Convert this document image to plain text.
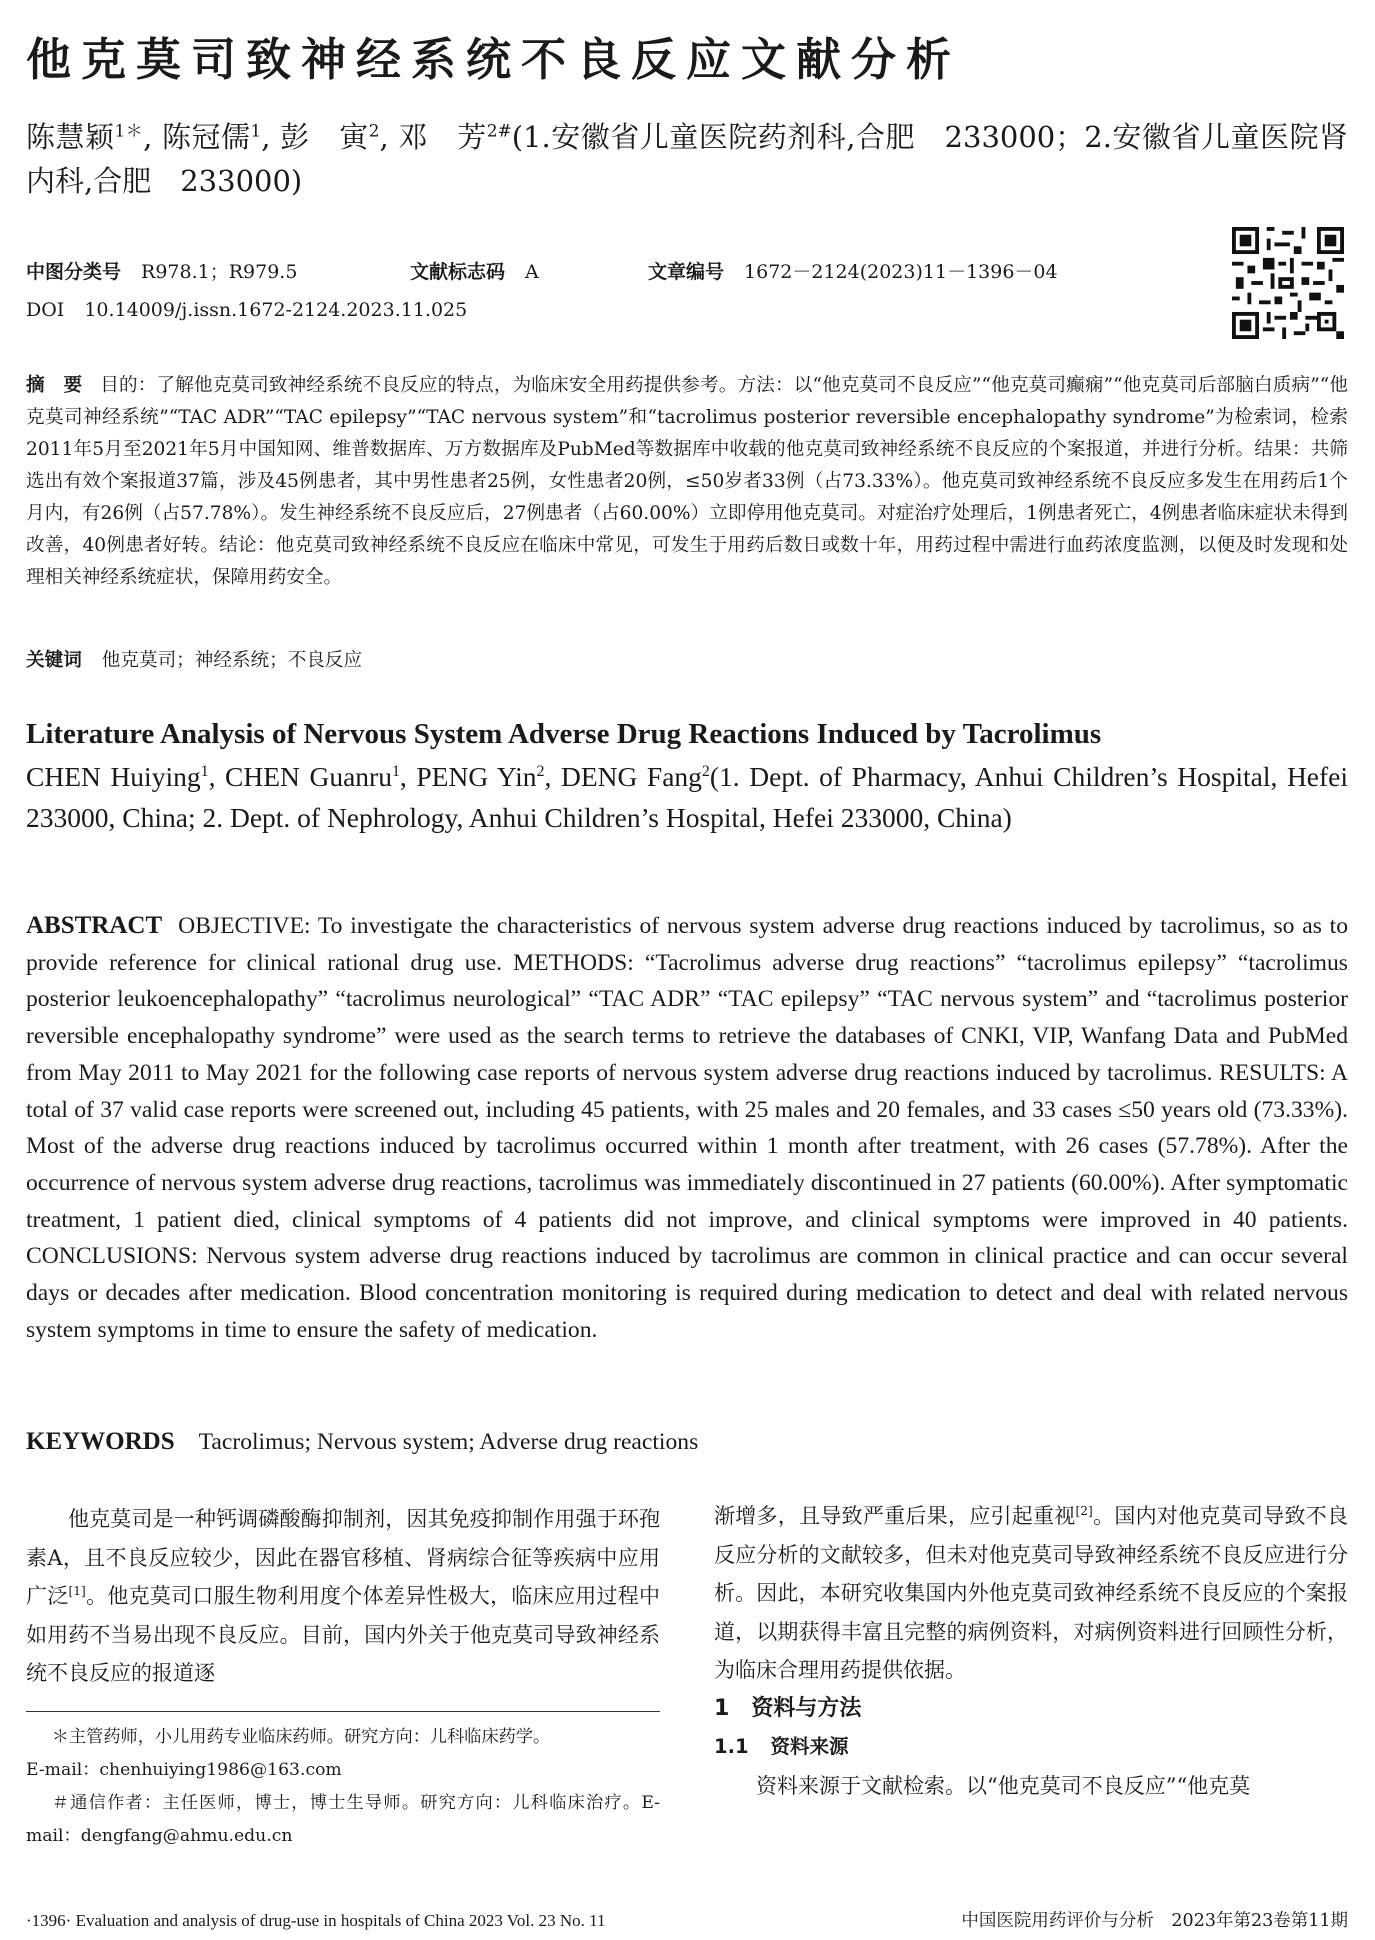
他克莫司致神经系统不良反应文献分析
陈慧颖$^{1*}$, 陈冠儒$^1$, 彭　寅$^2$, 邓　芳$^{2\#}$(1.安徽省儿童医院药剂科,合肥　233000；2.安徽省儿童医院肾内科,合肥　233000)
中图分类号 R978.1；R979.5	文献标志码 A	文章编号 1672－2124(2023)11－1396－04
DOI 10.14009/j.issn.1672-2124.2023.11.025
摘　要 目的：了解他克莫司致神经系统不良反应的特点，为临床安全用药提供参考。方法：以“他克莫司不良反应”“他克莫司癫痫”“他克莫司后部脑白质病”“他克莫司神经系统”“TAC ADR”“TAC epilepsy”“TAC nervous system”和“tacrolimus posterior reversible encephalopathy syndrome”为检索词，检索2011年5月至2021年5月中国知网、维普数据库、万方数据库及PubMed等数据库中收载的他克莫司致神经系统不良反应的个案报道，并进行分析。结果：共筛选出有效个案报道37篇，涉及45例患者，其中男性患者25例，女性患者20例，≤50岁者33例（占73.33%）。他克莫司致神经系统不良反应多发生在用药后1个月内，有26例（占57.78%）。发生神经系统不良反应后，27例患者（占60.00%）立即停用他克莫司。对症治疗处理后，1例患者死亡，4例患者临床症状未得到改善，40例患者好转。结论：他克莫司致神经系统不良反应在临床中常见，可发生于用药后数日或数十年，用药过程中需进行血药浓度监测，以便及时发现和处理相关神经系统症状，保障用药安全。
关键词 他克莫司；神经系统；不良反应
Literature Analysis of Nervous System Adverse Drug Reactions Induced by Tacrolimus
CHEN Huiying$^1$, CHEN Guanru$^1$, PENG Yin$^2$, DENG Fang$^2$(1. Dept. of Pharmacy, Anhui Children’s Hospital, Hefei 233000, China; 2. Dept. of Nephrology, Anhui Children’s Hospital, Hefei 233000, China)
ABSTRACT OBJECTIVE: To investigate the characteristics of nervous system adverse drug reactions induced by tacrolimus, so as to provide reference for clinical rational drug use. METHODS: “Tacrolimus adverse drug reactions” “tacrolimus epilepsy” “tacrolimus posterior leukoencephalopathy” “tacrolimus neurological” “TAC ADR” “TAC epilepsy” “TAC nervous system” and “tacrolimus posterior reversible encephalopathy syndrome” were used as the search terms to retrieve the databases of CNKI, VIP, Wanfang Data and PubMed from May 2011 to May 2021 for the following case reports of nervous system adverse drug reactions induced by tacrolimus. RESULTS: A total of 37 valid case reports were screened out, including 45 patients, with 25 males and 20 females, and 33 cases ≤50 years old (73.33%). Most of the adverse drug reactions induced by tacrolimus occurred within 1 month after treatment, with 26 cases (57.78%). After the occurrence of nervous system adverse drug reactions, tacrolimus was immediately discontinued in 27 patients (60.00%). After symptomatic treatment, 1 patient died, clinical symptoms of 4 patients did not improve, and clinical symptoms were improved in 40 patients. CONCLUSIONS: Nervous system adverse drug reactions induced by tacrolimus are common in clinical practice and can occur several days or decades after medication. Blood concentration monitoring is required during medication to detect and deal with related nervous system symptoms in time to ensure the safety of medication.
KEYWORDS Tacrolimus; Nervous system; Adverse drug reactions

他克莫司是一种钙调磷酸酶抑制剂，因其免疫抑制作用强于环孢素A，且不良反应较少，因此在器官移植、肾病综合征等疾病中应用广泛[1]。他克莫司口服生物利用度个体差异性极大，临床应用过程中如用药不当易出现不良反应。目前，国内外关于他克莫司导致神经系统不良反应的报道逐

＊主管药师，小儿用药专业临床药师。研究方向：儿科临床药学。
E-mail：chenhuiying1986@163.com
＃通信作者：主任医师，博士，博士生导师。研究方向：儿科临床治疗。E-mail：dengfang@ahmu.edu.cn

渐增多，且导致严重后果，应引起重视[2]。国内对他克莫司导致不良反应分析的文献较多，但未对他克莫司导致神经系统不良反应进行分析。因此，本研究收集国内外他克莫司致神经系统不良反应的个案报道，以期获得丰富且完整的病例资料，对病例资料进行回顾性分析，为临床合理用药提供依据。

1 资料与方法
1.1 资料来源

资料来源于文献检索。以“他克莫司不良反应”“他克莫

·1396· Evaluation and analysis of drug-use in hospitals of China 2023 Vol. 23 No. 11	中国医院用药评价与分析　2023年第23卷第11期
